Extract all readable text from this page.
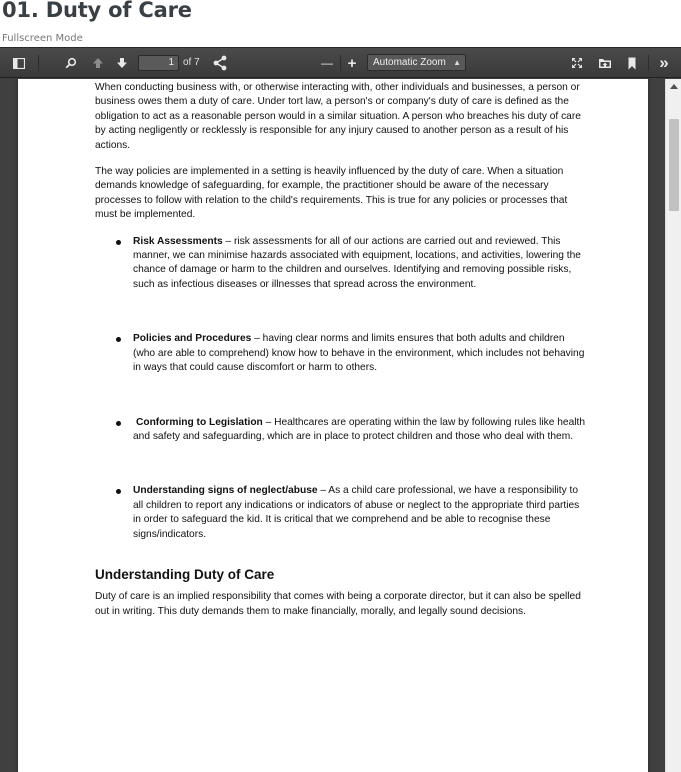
01. Duty of Care
Fullscreen Mode
1 of 7	— +	Automatic Zoom ▲	»

When conducting business with, or otherwise interacting with, other individuals and businesses, a person or business owes them a duty of care. Under tort law, a person's or company's duty of care is defined as the obligation to act as a reasonable person would in a similar situation. A person who breaches his duty of care by acting negligently or recklessly is responsible for any injury caused to another person as a result of his actions.

The way policies are implemented in a setting is heavily influenced by the duty of care. When a situation demands knowledge of safeguarding, for example, the practitioner should be aware of the necessary processes to follow with relation to the child's requirements. This is true for any policies or processes that must be implemented.

Risk Assessments – risk assessments for all of our actions are carried out and reviewed. This manner, we can minimise hazards associated with equipment, locations, and activities, lowering the chance of damage or harm to the children and ourselves. Identifying and removing possible risks, such as infectious diseases or illnesses that spread across the environment.
Policies and Procedures – having clear norms and limits ensures that both adults and children (who are able to comprehend) know how to behave in the environment, which includes not behaving in ways that could cause discomfort or harm to others.
Conforming to Legislation – Healthcares are operating within the law by following rules like health and safety and safeguarding, which are in place to protect children and those who deal with them.
Understanding signs of neglect/abuse – As a child care professional, we have a responsibility to all children to report any indications or indicators of abuse or neglect to the appropriate third parties in order to safeguard the kid. It is critical that we comprehend and be able to recognise these signs/indicators.
Understanding Duty of Care

Duty of care is an implied responsibility that comes with being a corporate director, but it can also be spelled out in writing. This duty demands them to make financially, morally, and legally sound decisions.
